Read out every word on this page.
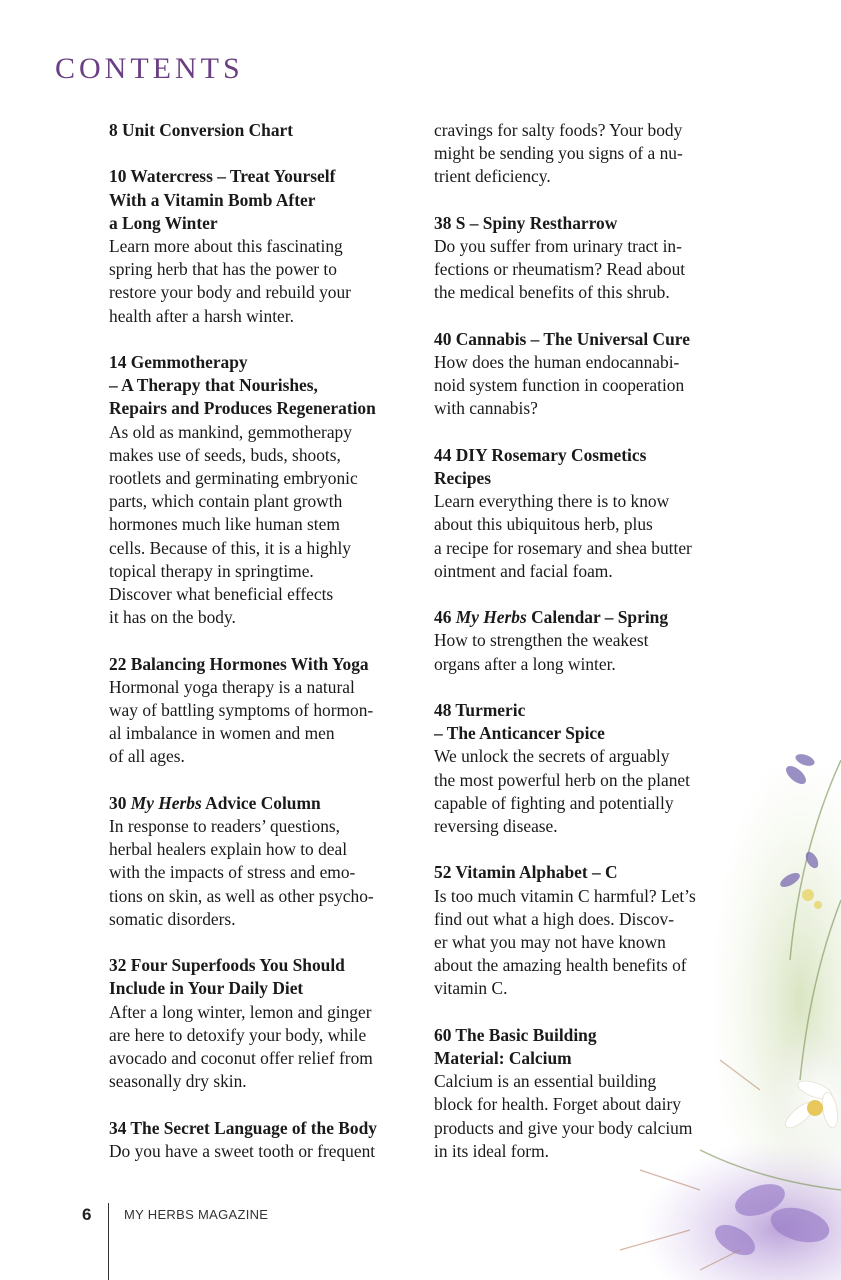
CONTENTS

8 Unit Conversion Chart

10 Watercress – Treat Yourself

With a Vitamin Bomb After

a Long Winter

Learn more about this fascinating

spring herb that has the power to

restore your body and rebuild your

health after a harsh winter.

14 Gemmotherapy

– A Therapy that Nourishes,

Repairs and Produces Regeneration

As old as mankind, gemmotherapy

makes use of seeds, buds, shoots,

rootlets and germinating embryonic

parts, which contain plant growth

hormones much like human stem

cells. Because of this, it is a highly

topical therapy in springtime.

Discover what beneficial effects

it has on the body.

22 Balancing Hormones With Yoga

Hormonal yoga therapy is a natural

way of battling symptoms of hormon-

al imbalance in women and men

of all ages.

30 My Herbs Advice Column

In response to readers’ questions,

herbal healers explain how to deal

with the impacts of stress and emo-

tions on skin, as well as other psycho-

somatic disorders.

32 Four Superfoods You Should

Include in Your Daily Diet

After a long winter, lemon and ginger

are here to detoxify your body, while

avocado and coconut offer relief from

seasonally dry skin.

34 The Secret Language of the Body

Do you have a sweet tooth or frequent

cravings for salty foods? Your body

might be sending you signs of a nu-

trient deficiency.

38 S – Spiny Restharrow

Do you suffer from urinary tract in-

fections or rheumatism? Read about

the medical benefits of this shrub.

40 Cannabis – The Universal Cure

How does the human endocannabi-

noid system function in cooperation

with cannabis?

44 DIY Rosemary Cosmetics

Recipes

Learn everything there is to know

about this ubiquitous herb, plus

a recipe for rosemary and shea butter

ointment and facial foam.

46 My Herbs Calendar – Spring

How to strengthen the weakest

organs after a long winter.

48 Turmeric

– The Anticancer Spice

We unlock the secrets of arguably

the most powerful herb on the planet

capable of fighting and potentially

reversing disease.

52 Vitamin Alphabet – C

Is too much vitamin C harmful? Let’s

find out what a high does. Discov-

er what you may not have known

about the amazing health benefits of

vitamin C.

60 The Basic Building

Material: Calcium

Calcium is an essential building

block for health. Forget about dairy

products and give your body calcium

in its ideal form.

6	MY HERBS MAGAZINE
